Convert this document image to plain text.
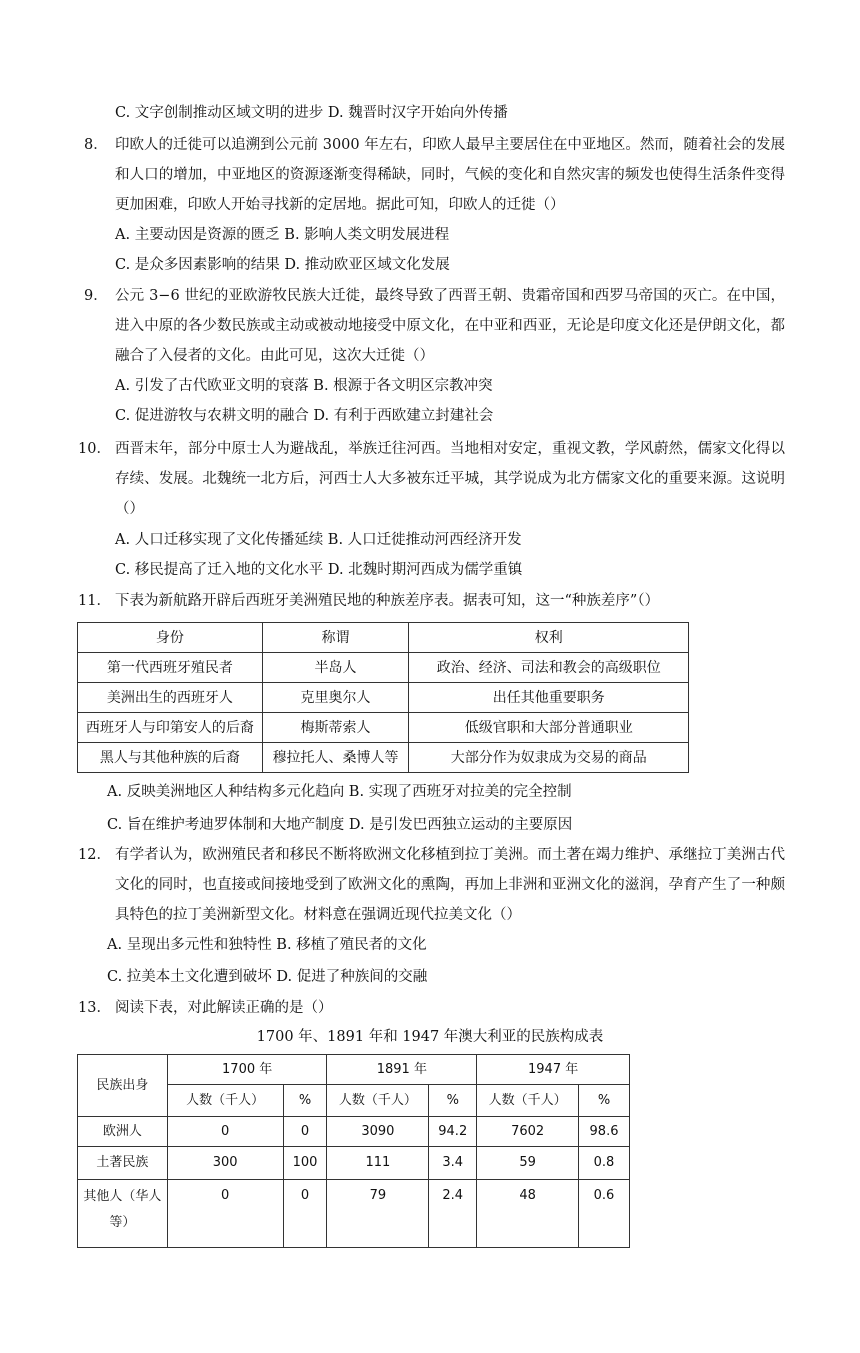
C. 文字创制推动区域文明的进步 D. 魏晋时汉字开始向外传播
8． 印欧人的迁徙可以追溯到公元前 3000 年左右，印欧人最早主要居住在中亚地区。然而，随着社会的发展和人口的增加，中亚地区的资源逐渐变得稀缺，同时，气候的变化和自然灾害的频发也使得生活条件变得更加困难，印欧人开始寻找新的定居地。据此可知，印欧人的迁徙（）
A. 主要动因是资源的匮乏 B. 影响人类文明发展进程
C. 是众多因素影响的结果 D. 推动欧亚区域文化发展
9． 公元 3−6 世纪的亚欧游牧民族大迁徙，最终导致了西晋王朝、贵霜帝国和西罗马帝国的灭亡。在中国，进入中原的各少数民族或主动或被动地接受中原文化，在中亚和西亚，无论是印度文化还是伊朗文化，都融合了入侵者的文化。由此可见，这次大迁徙（）
A. 引发了古代欧亚文明的衰落 B. 根源于各文明区宗教冲突
C. 促进游牧与农耕文明的融合 D. 有利于西欧建立封建社会
10． 西晋末年，部分中原士人为避战乱，举族迁往河西。当地相对安定，重视文教，学风蔚然，儒家文化得以存续、发展。北魏统一北方后，河西士人大多被东迁平城，其学说成为北方儒家文化的重要来源。这说明（）
A. 人口迁移实现了文化传播延续 B. 人口迁徙推动河西经济开发
C. 移民提高了迁入地的文化水平 D. 北魏时期河西成为儒学重镇
11． 下表为新航路开辟后西班牙美洲殖民地的种族差序表。据表可知，这一“种族差序”（）
身份	称谓	权利
第一代西班牙殖民者	半岛人	政治、经济、司法和教会的高级职位
美洲出生的西班牙人	克里奥尔人	出任其他重要职务
西班牙人与印第安人的后裔	梅斯蒂索人	低级官职和大部分普通职业
黑人与其他种族的后裔	穆拉托人、桑博人等	大部分作为奴隶成为交易的商品
A. 反映美洲地区人种结构多元化趋向 B. 实现了西班牙对拉美的完全控制
C. 旨在维护考迪罗体制和大地产制度 D. 是引发巴西独立运动的主要原因
12． 有学者认为，欧洲殖民者和移民不断将欧洲文化移植到拉丁美洲。而土著在竭力维护、承继拉丁美洲古代文化的同时，也直接或间接地受到了欧洲文化的熏陶，再加上非洲和亚洲文化的滋润，孕育产生了一种颇具特色的拉丁美洲新型文化。材料意在强调近现代拉美文化（）
A. 呈现出多元性和独特性 B. 移植了殖民者的文化
C. 拉美本土文化遭到破坏 D. 促进了种族间的交融
13． 阅读下表，对此解读正确的是（）
1700 年、1891 年和 1947 年澳大利亚的民族构成表
民族出身	1700 年		1891 年		1947 年	
	人数（千人）	%	人数（千人）	%	人数（千人）	%
欧洲人	0	0	3090	94.2	7602	98.6
土著民族	300	100	111	3.4	59	0.8
其他人（华人等）	0	0	79	2.4	48	0.6
